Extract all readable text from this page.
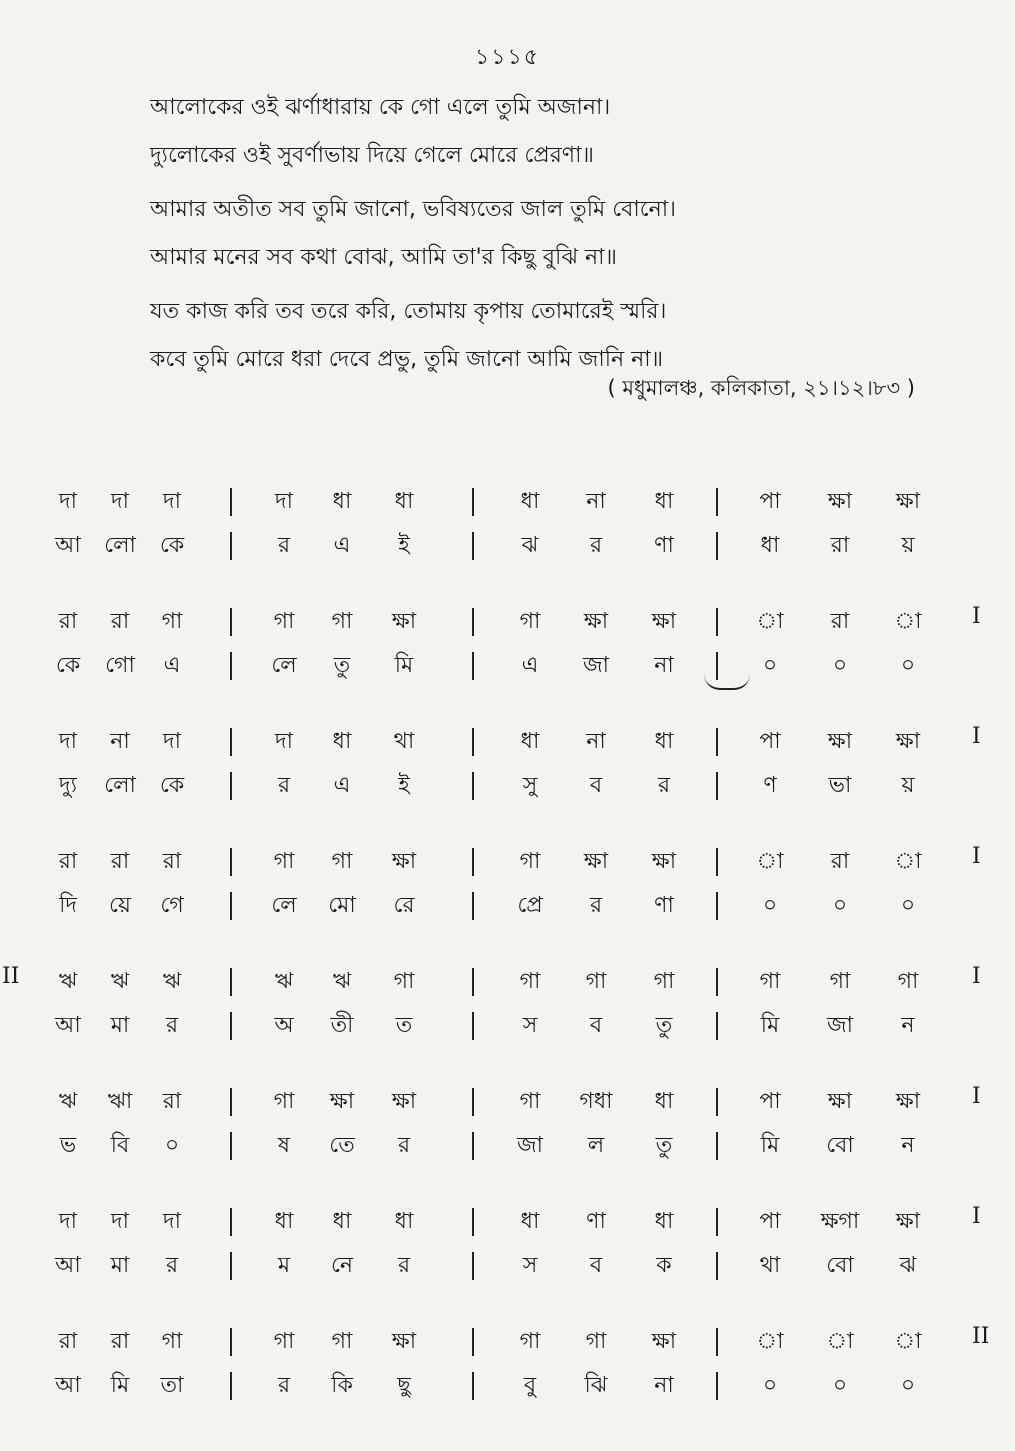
১১১৫
আলোকের ওই ঝর্ণাধারায় কে গো এলে তুমি অজানা।
দ্যুলোকের ওই সুবর্ণাভায় দিয়ে গেলে মোরে প্রেরণা॥
আমার অতীত সব তুমি জানো, ভবিষ্যতের জাল তুমি বোনো।
আমার মনের সব কথা বোঝ, আমি তা'র কিছু বুঝি না॥
যত কাজ করি তব তরে করি, তোমায় কৃপায় তোমারেই স্মরি।
কবে তুমি মোরে ধরা দেবে প্রভু, তুমি জানো আমি জানি না॥
( মধুমালঞ্চ, কলিকাতা, ২১।১২।৮৩ )
দা	দা	দা	দা	ধা	ধা	ধা	না	ধা	পা	ক্ষা	ক্ষা
আ	লো	কে	র	এ	ই	ঝ	র	ণা	ধা	রা	য়
I
রা	রা	গা	গা	গা	ক্ষা	গা	ক্ষা	ক্ষা	া	রা	া
কে	গো	এ	লে	তু	মি	এ	জা	না	০	০	০
I
দা	না	দা	দা	ধা	থা	ধা	না	ধা	পা	ক্ষা	ক্ষা
দ্যু	লো	কে	র	এ	ই	সু	ব	র	ণ	ভা	য়
I
রা	রা	রা	গা	গা	ক্ষা	গা	ক্ষা	ক্ষা	া	রা	া
দি	য়ে	গে	লে	মো	রে	প্রে	র	ণা	০	০	০
II	I
ঋ	ঋ	ঋ	ঋ	ঋ	গা	গা	গা	গা	গা	গা	গা
আ	মা	র	অ	তী	ত	স	ব	তু	মি	জা	ন
I
ঋ	ঋা	রা	গা	ক্ষা	ক্ষা	গা	গধা	ধা	পা	ক্ষা	ক্ষা
ভ	বি	০	ষ	তে	র	জা	ল	তু	মি	বো	ন
I
দা	দা	দা	ধা	ধা	ধা	ধা	ণা	ধা	পা	ক্ষগা	ক্ষা
আ	মা	র	ম	নে	র	স	ব	ক	থা	বো	ঝ
II
রা	রা	গা	গা	গা	ক্ষা	গা	গা	ক্ষা	া	া	া
আ	মি	তা	র	কি	ছু	বু	ঝি	না	০	০	০
